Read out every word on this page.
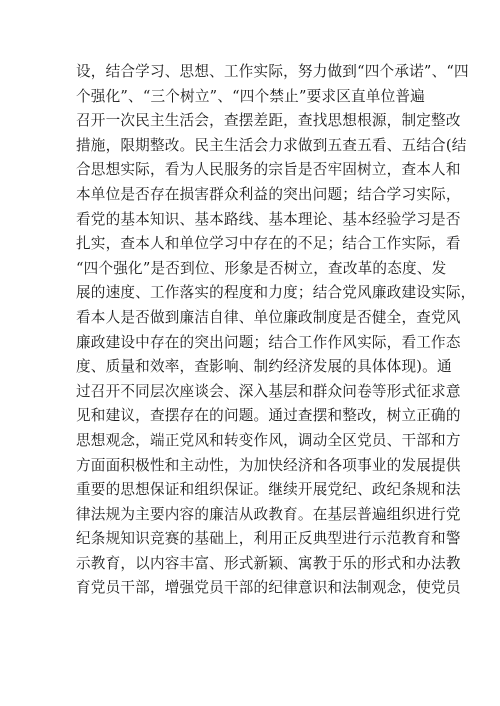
设，结合学习、思想、工作实际，努力做到“四个承诺”、“四
个强化”、“三个树立”、“四个禁止”要求区直单位普遍
召开一次民主生活会，查摆差距，查找思想根源，制定整改
措施，限期整改。民主生活会力求做到五查五看、五结合(结
合思想实际，看为人民服务的宗旨是否牢固树立，查本人和
本单位是否存在损害群众利益的突出问题；结合学习实际，
看党的基本知识、基本路线、基本理论、基本经验学习是否
扎实，查本人和单位学习中存在的不足；结合工作实际，看
“四个强化”是否到位、形象是否树立，查改革的态度、发
展的速度、工作落实的程度和力度；结合党风廉政建设实际，
看本人是否做到廉洁自律、单位廉政制度是否健全，查党风
廉政建设中存在的突出问题；结合工作作风实际，看工作态
度、质量和效率，查影响、制约经济发展的具体体现)。通
过召开不同层次座谈会、深入基层和群众问卷等形式征求意
见和建议，查摆存在的问题。通过查摆和整改，树立正确的
思想观念，端正党风和转变作风，调动全区党员、干部和方
方面面积极性和主动性，为加快经济和各项事业的发展提供
重要的思想保证和组织保证。继续开展党纪、政纪条规和法
律法规为主要内容的廉洁从政教育。在基层普遍组织进行党
纪条规知识竞赛的基础上，利用正反典型进行示范教育和警
示教育，以内容丰富、形式新颖、寓教于乐的形式和办法教
育党员干部，增强党员干部的纪律意识和法制观念，使党员
